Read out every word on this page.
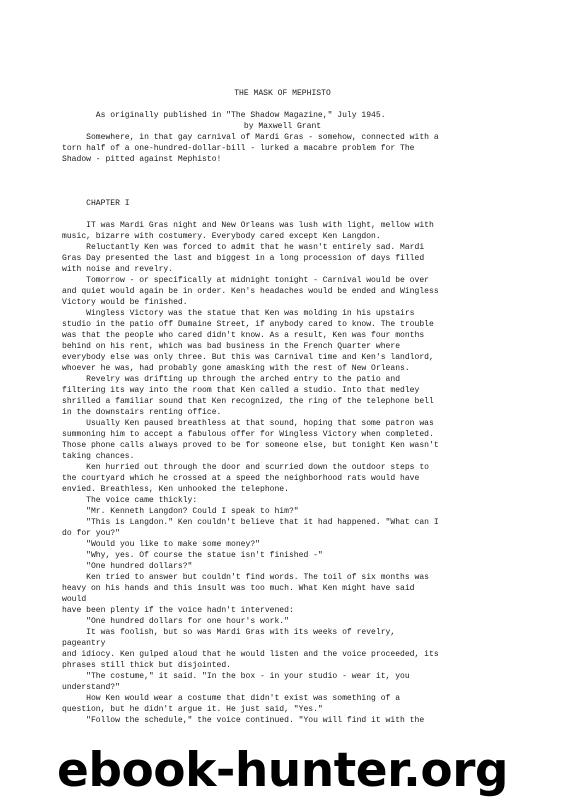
THE MASK OF MEPHISTO

by Maxwell Grant

As originally published in "The Shadow Magazine," July 1945.
Somewhere, in that gay carnival of Mardi Gras - somehow, connected with a
torn half of a one-hundred-dollar-bill - lurked a macabre problem for The
Shadow - pitted against Mephisto!
CHAPTER I
IT was Mardi Gras night and New Orleans was lush with light, mellow with
music, bizarre with costumery. Everybody cared except Ken Langdon.
Reluctantly Ken was forced to admit that he wasn't entirely sad. Mardi
Gras Day presented the last and biggest in a long procession of days filled
with noise and revelry.
Tomorrow - or specifically at midnight tonight - Carnival would be over
and quiet would again be in order. Ken's headaches would be ended and Wingless
Victory would be finished.
Wingless Victory was the statue that Ken was molding in his upstairs
studio in the patio off Dumaine Street, if anybody cared to know. The trouble
was that the people who cared didn't know. As a result, Ken was four months
behind on his rent, which was bad business in the French Quarter where
everybody else was only three. But this was Carnival time and Ken's landlord,
whoever he was, had probably gone amasking with the rest of New Orleans.
Revelry was drifting up through the arched entry to the patio and
filtering its way into the room that Ken called a studio. Into that medley
shrilled a familiar sound that Ken recognized, the ring of the telephone bell
in the downstairs renting office.
Usually Ken paused breathless at that sound, hoping that some patron was
summoning him to accept a fabulous offer for Wingless Victory when completed.
Those phone calls always proved to be for someone else, but tonight Ken wasn't
taking chances.
Ken hurried out through the door and scurried down the outdoor steps to
the courtyard which he crossed at a speed the neighborhood rats would have
envied. Breathless, Ken unhooked the telephone.
The voice came thickly:
"Mr. Kenneth Langdon? Could I speak to him?"
"This is Langdon." Ken couldn't believe that it had happened. "What can I
do for you?"
"Would you like to make some money?"
"Why, yes. Of course the statue isn't finished -"
"One hundred dollars?"
Ken tried to answer but couldn't find words. The toil of six months was
heavy on his hands and this insult was too much. What Ken might have said
would
have been plenty if the voice hadn't intervened:
"One hundred dollars for one hour's work."
It was foolish, but so was Mardi Gras with its weeks of revelry,
pageantry
and idiocy. Ken gulped aloud that he would listen and the voice proceeded, its
phrases still thick but disjointed.
"The costume," it said. "In the box - in your studio - wear it, you
understand?"
How Ken would wear a costume that didn't exist was something of a
question, but he didn't argue it. He just said, "Yes."
"Follow the schedule," the voice continued. "You will find it with the
ebook-hunter.org
